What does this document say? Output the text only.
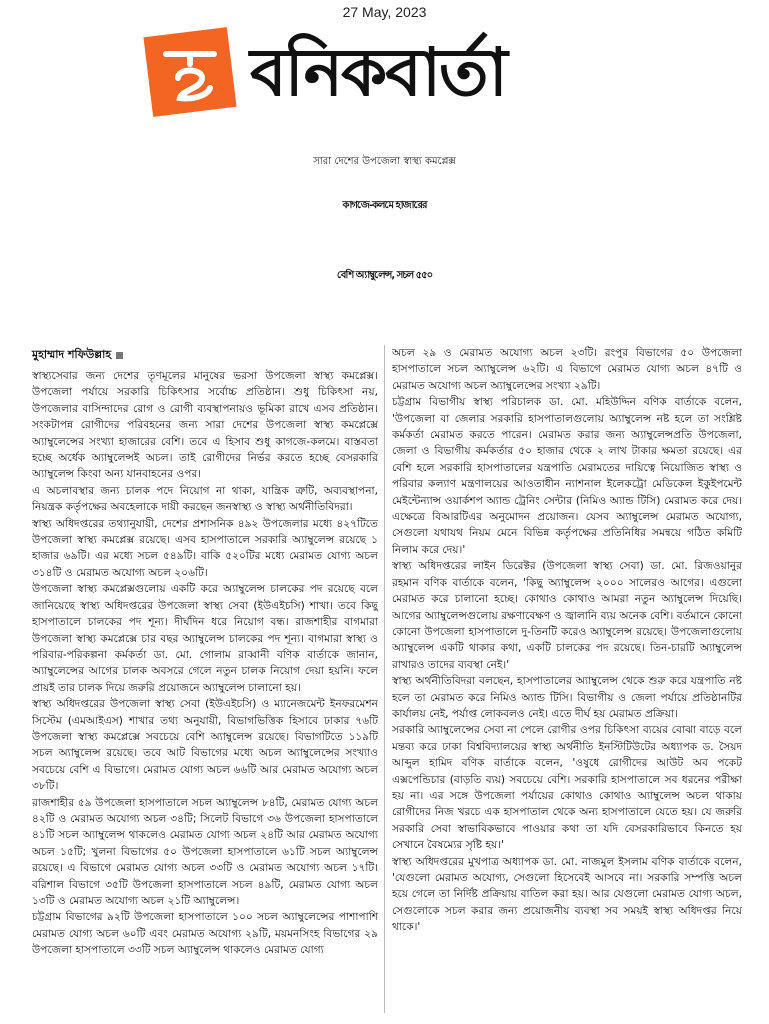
27 May, 2023
বনিকবার্তা
সারা দেশের উপজেলা স্বাস্থ্য কমপ্লেক্স
কাগজে-কলমে হাজারের
বেশি অ্যাম্বুলেন্স, সচল ৫৫০
মুহাম্মাদ শফিউল্লাহ

স্বাস্থ্যসেবার জন্য দেশের তৃণমূলের মানুষের ভরসা উপজেলা স্বাস্থ্য কমপ্লেক্স। উপজেলা পর্যায়ে সরকারি চিকিৎসার সর্বোচ্চ প্রতিষ্ঠান। শুধু চিকিৎসা নয়, উপজেলার বাসিন্দাদের রোগ ও রোগী ব্যবস্থাপনায়ও ভূমিকা রাখে এসব প্রতিষ্ঠান। সংকটাপন্ন রোগীদের পরিবহনের জন্য সারা দেশের উপজেলা স্বাস্থ্য কমপ্লেক্সে অ্যাম্বুলেন্সের সংখ্যা হাজারের বেশি। তবে এ হিসাব শুধু কাগজে-কলমে। বাস্তবতা হচ্ছে অর্ধেক অ্যাম্বুলেন্সই অচল। তাই রোগীদের নির্ভর করতে হচ্ছে বেসরকারি অ্যাম্বুলেন্স কিংবা অন্য যানবাহনের ওপর।

এ অচলাবস্থার জন্য চালক পদে নিয়োগ না থাকা, যান্ত্রিক ত্রুটি, অব্যবস্থাপনা, নিয়ন্ত্রক কর্তৃপক্ষের অবহেলাকে দায়ী করছেন জনস্বাস্থ্য ও স্বাস্থ্য অর্থনীতিবিদরা।

স্বাস্থ্য অধিদপ্তরের তথ্যানুযায়ী, দেশের প্রশাসনিক ৪৯২ উপজেলার মধ্যে ৪২৭টিতে উপজেলা স্বাস্থ্য কমপ্লেক্স রয়েছে। এসব হাসপাতালে সরকারি অ্যাম্বুলেন্স রয়েছে ১ হাজার ৬৯টি। এর মধ্যে সচল ৫৪৯টি। বাকি ৫২০টির মধ্যে মেরামত যোগ্য অচল ৩১৪টি ও মেরামত অযোগ্য অচল ২০৬টি।

উপজেলা স্বাস্থ্য কমপ্লেক্সগুলোয় একটি করে অ্যাম্বুলেন্স চালকের পদ রয়েছে বলে জানিয়েছে স্বাস্থ্য অধিদপ্তরের উপজেলা স্বাস্থ্য সেবা (ইউএইচসি) শাখা। তবে কিছু হাসপাতালে চালকের পদ শূন্য। দীর্ঘদিন ধরে নিয়োগ বন্ধ। রাজশাহীর বাগমারা উপজেলা স্বাস্থ্য কমপ্লেক্সে চার বছর অ্যাম্বুলেন্স চালকের পদ শূন্য। বাগমারা স্বাস্থ্য ও পরিবার-পরিকল্পনা কর্মকর্তা ডা. মো. গোলাম রাব্বানী বণিক বার্তাকে জানান, অ্যাম্বুলেন্সের আগের চালক অবসরে গেলে নতুন চালক নিয়োগ দেয়া হয়নি। ফলে প্রায়ই তার চালক দিয়ে জরুরি প্রয়োজনে অ্যাম্বুলেন্স চালানো হয়।

স্বাস্থ্য অধিদপ্তরের উপজেলা স্বাস্থ্য সেবা (ইউএইচসি) ও ম্যানেজমেন্ট ইনফরমেশন সিস্টেম (এমআইএস) শাখার তথ্য অনুযায়ী, বিভাগভিত্তিক হিসাবে ঢাকার ৭৬টি উপজেলা স্বাস্থ্য কমপ্লেক্সে সবচেয়ে বেশি অ্যাম্বুলেন্স রয়েছে। বিভাগটিতে ১১৯টি সচল অ্যাম্বুলেন্স রয়েছে। তবে আট বিভাগের মধ্যে অচল অ্যাম্বুলেন্সের সংখ্যাও সবচেয়ে বেশি এ বিভাগে। মেরামত যোগ্য অচল ৬৬টি আর মেরামত অযোগ্য অচল ৩৮টি।

রাজশাহীর ৫৯ উপজেলা হাসপাতালে সচল অ্যাম্বুলেন্স ৮৪টি, মেরামত যোগ্য অচল ৪২টি ও মেরামত অযোগ্য অচল ৩৪টি; সিলেট বিভাগে ৩৬ উপজেলা হাসপাতালে ৪১টি সচল অ্যাম্বুলেন্স থাকলেও মেরামত যোগ্য অচল ২৪টি আর মেরামত অযোগ্য অচল ১৫টি; খুলনা বিভাগের ৫০ উপজেলা হাসপাতালে ৬১টি সচল অ্যাম্বুলেন্স রয়েছে। এ বিভাগে মেরামত যোগ্য অচল ৩৩টি ও মেরামত অযোগ্য অচল ১৭টি। বরিশাল বিভাগে ৩৫টি উপজেলা হাসপাতালে সচল ৪৯টি, মেরামত যোগ্য অচল ১৩টি ও মেরামত অযোগ্য অচল ২১টি অ্যাম্বুলেন্স।

চট্টগ্রাম বিভাগের ৯২টি উপজেলা হাসপাতালে ১০০ সচল অ্যাম্বুলেন্সের পাশাপাশি মেরামত যোগ্য অচল ৬০টি এবং মেরামত অযোগ্য ২৯টি, ময়মনসিংহ বিভাগের ২৯ উপজেলা হাসপাতালে ৩৩টি সচল অ্যাম্বুলেন্স থাকলেও মেরামত যোগ্য

অচল ২৯ ও মেরামত অযোগ্য অচল ২৩টি। রংপুর বিভাগের ৫০ উপজেলা হাসপাতালে সচল অ্যাম্বুলেন্স ৬২টি। এ বিভাগে মেরামত যোগ্য অচল ৪৭টি ও মেরামত অযোগ্য অচল অ্যাম্বুলেন্সের সংখ্যা ২৯টি।

চট্টগ্রাম বিভাগীয় স্বাস্থ্য পরিচালক ডা. মো. মহিউদ্দিন বণিক বার্তাকে বলেন, 'উপজেলা বা জেলার সরকারি হাসপাতালগুলোয় অ্যাম্বুলেন্স নষ্ট হলে তা সংশ্লিষ্ট কর্মকর্তা মেরামত করতে পারেন। মেরামত করার জন্য অ্যাম্বুলেন্সপ্রতি উপজেলা, জেলা ও বিভাগীয় কর্মকর্তার ৫০ হাজার থেকে ২ লাখ টাকার ক্ষমতা রয়েছে। এর বেশি হলে সরকারি হাসপাতালের যন্ত্রপাতি মেরামতের দায়িত্বে নিয়োজিত স্বাস্থ্য ও পরিবার কল্যাণ মন্ত্রণালয়ের আওতাধীন ন্যাশনাল ইলেকট্রো মেডিকেল ইকুইপমেন্ট মেইন্টেন্যান্স ওয়ার্কশপ অ্যান্ড ট্রেনিং সেন্টার (নিমিও অ্যান্ড টিসি) মেরামত করে দেয়। এক্ষেত্রে বিআরটিএর অনুমোদন প্রয়োজন। যেসব অ্যাম্বুলেন্স মেরামত অযোগ্য, সেগুলো যথাযথ নিয়ম মেনে বিভিন্ন কর্তৃপক্ষের প্রতিনিধির সমন্বয়ে গঠিত কমিটি নিলাম করে দেয়।'

স্বাস্থ্য অধিদপ্তরের লাইন ডিরেক্টর (উপজেলা স্বাস্থ্য সেবা) ডা. মো. রিজওয়ানুর রহমান বণিক বার্তাকে বলেন, 'কিছু অ্যাম্বুলেন্স ২০০০ সালেরও আগের। এগুলো মেরামত করে চালানো হচ্ছে। কোথাও কোথাও আমরা নতুন অ্যাম্বুলেন্স দিয়েছি। আগের অ্যাম্বুলেন্সগুলোয় রক্ষণাবেক্ষণ ও জ্বালানি ব্যয় অনেক বেশি। বর্তমানে কোনো কোনো উপজেলা হাসপাতালে দু-তিনটি করেও অ্যাম্বুলেন্স রয়েছে। উপজেলাগুলোয় অ্যাম্বুলেন্স একটি থাকার কথা, একটি চালকের পদ রয়েছে। তিন-চারটি অ্যাম্বুলেন্স রাখারও তাদের ব্যবস্থা নেই।'

স্বাস্থ্য অর্থনীতিবিদরা বলছেন, হাসপাতালের অ্যাম্বুলেন্স থেকে শুরু করে যন্ত্রপাতি নষ্ট হলে তা মেরামত করে নিমিও অ্যান্ড টিসি। বিভাগীয় ও জেলা পর্যায়ে প্রতিষ্ঠানটির কার্যালয় নেই, পর্যাপ্ত লোকবলও নেই। এতে দীর্ঘ হয় মেরামত প্রক্রিয়া।

সরকারি অ্যাম্বুলেন্সের সেবা না পেলে রোগীর ওপর চিকিৎসা ব্যয়ের বোঝা বাড়ে বলে মন্তব্য করে ঢাকা বিশ্ববিদ্যালয়ের স্বাস্থ্য অর্থনীতি ইনস্টিটিউটের অধ্যাপক ড. সৈয়দ আব্দুল হামিদ বণিক বার্তাকে বলেন, 'ওষুধে রোগীদের আউট অব পকেট এক্সপেন্ডিচার (বাড়তি ব্যয়) সবচেয়ে বেশি। সরকারি হাসপাতালে সব ধরনের পরীক্ষা হয় না। এর সঙ্গে উপজেলা পর্যায়ের কোথাও কোথাও অ্যাম্বুলেন্স অচল থাকায় রোগীদের নিজ খরচে এক হাসপাতাল থেকে অন্য হাসপাতালে যেতে হয়। যে জরুরি সরকারি সেবা স্বাভাবিকভাবে পাওয়ার কথা তা যদি বেসরকারিভাবে কিনতে হয় সেখানে বৈষম্যের সৃষ্টি হয়।'

স্বাস্থ্য অধিদপ্তরের মুখপাত্র অধ্যাপক ডা. মো. নাজমুল ইসলাম বণিক বার্তাকে বলেন, 'যেগুলো মেরামত অযোগ্য, সেগুলো হিসেবেই আসবে না। সরকারি সম্পত্তি অচল হয়ে গেলে তা নির্দিষ্ট প্রক্রিয়ায় বাতিল করা হয়। আর যেগুলো মেরামত যোগ্য অচল, সেগুলোকে সচল করার জন্য প্রয়োজনীয় ব্যবস্থা সব সময়ই স্বাস্থ্য অধিদপ্তর নিয়ে থাকে।'
